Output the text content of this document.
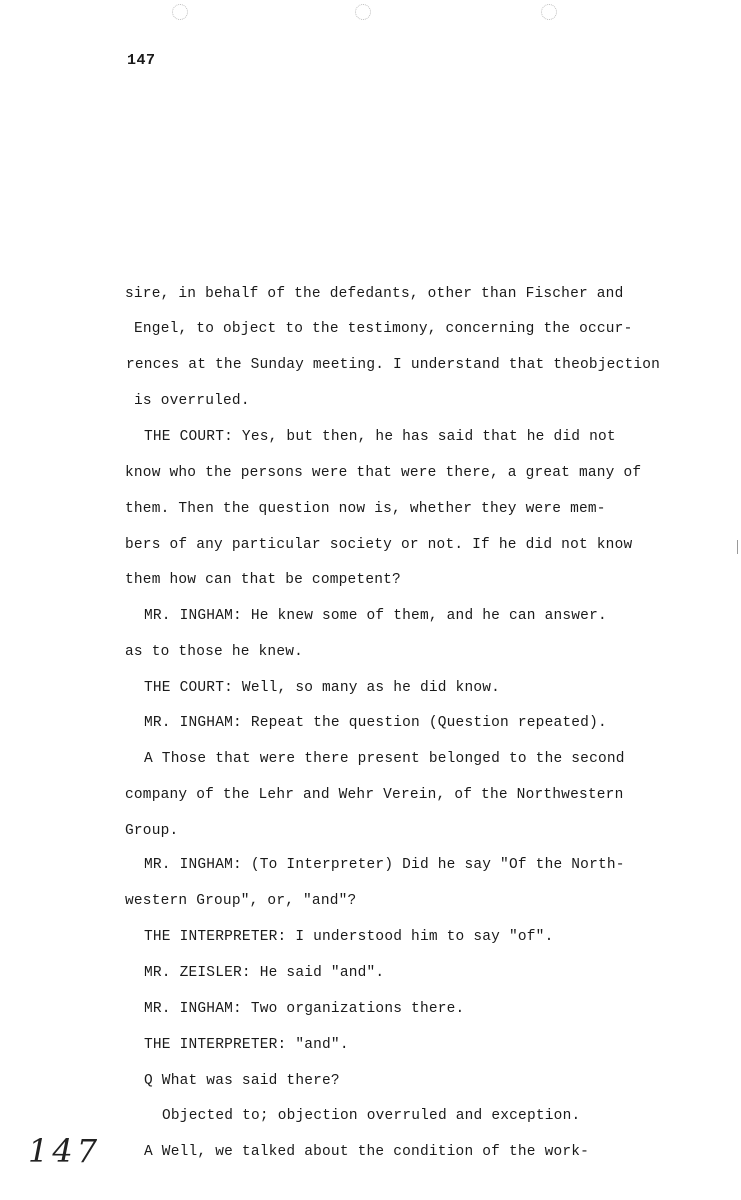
147
sire, in behalf of the defedants, other than Fischer and
Engel, to object to the testimony, concerning the occur-
rences at the Sunday meeting. I understand that theobjection
is overruled.
THE COURT: Yes, but then, he has said that he did not
know who the persons were that were there, a great many of
them. Then the question now is, whether they were mem-
bers of any particular society or not. If he did not know
them how can that be competent?
MR. INGHAM: He knew some of them, and he can answer.
as to those he knew.
THE COURT: Well, so many as he did know.
MR. INGHAM: Repeat the question (Question repeated).
A Those that were there present belonged to the second
company of the Lehr and Wehr Verein, of the Northwestern
Group.
MR. INGHAM: (To Interpreter) Did he say "Of the North-
western Group", or, "and"?
THE INTERPRETER: I understood him to say "of".
MR. ZEISLER: He said "and".
MR. INGHAM: Two organizations there.
THE INTERPRETER: "and".
Q What was said there?
Objected to; objection overruled and exception.
A Well, we talked about the condition of the work-
147
